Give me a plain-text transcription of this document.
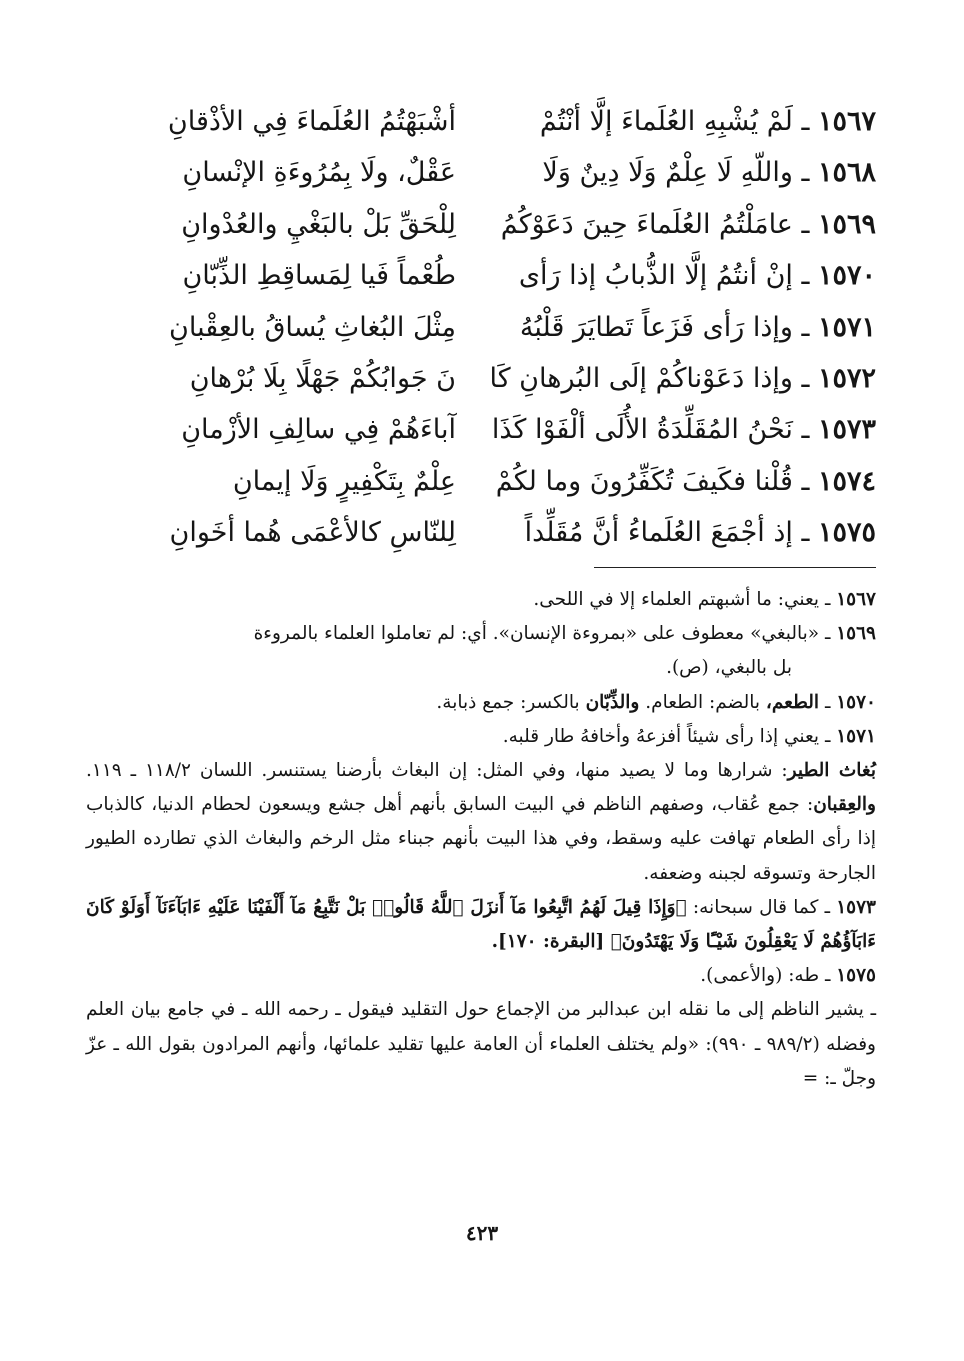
١٥٦٧ ـ لَمْ يُشْبِهِ العُلَماءَ إلَّا أنْتُمْ
أشْبَهْتُمُ العُلَماءَ فِي الأذْقانِ
١٥٦٨ ـ واللّهِ لَا عِلْمٌ وَلَا دِينٌ وَلَا
عَقْلٌ، ولَا بِمُرُوءَةِ الإنْسانِ
١٥٦٩ ـ عامَلْتُمُ العُلَماءَ حِينَ دَعَوْكُمُ
لِلْحَقِّ بَلْ بالبَغْيِ والعُدْوانِ
١٥٧٠ ـ إنْ أنتُمُ إلَّا الذُّبابُ إذا رَأى
طُعْماً فَيا لِمَساقِطِ الذِّبّانِ
١٥٧١ ـ وإذا رَأى فَزَعاً تَطايَرَ قَلْبُهُ
مِثْلَ البُغاثِ يُساقُ بالعِقْبانِ
١٥٧٢ ـ وإذا دَعَوْناكُمْ إلَى البُرهانِ كَا
نَ جَوابُكُمْ جَهْلًا بِلَا بُرْهانِ
١٥٧٣ ـ نَحْنُ المُقَلِّدَةُ الأُلَى ألْفَوْا كَذَا
آباءَهُمْ فِي سالِفِ الأزْمانِ
١٥٧٤ ـ قُلْنا فكَيفَ تُكَفِّرُونَ وما لكُمْ
عِلْمٌ بِتَكْفِيرٍ وَلَا إيمانِ
١٥٧٥ ـ إذ أجْمَعَ العُلَماءُ أنَّ مُقَلِّداً
لِلنّاسِ كالأعْمَى هُما أخَوانِ
١٥٦٧ ـ يعني: ما أشبهتم العلماء إلا في اللحى.
١٥٦٩ ـ «بالبغي» معطوف على «بمروءة الإنسان». أي: لم تعاملوا العلماء بالمروءة
بل بالبغي، (ص).
١٥٧٠ ـ الطعم، بالضم: الطعام. والذِّبّان بالكسر: جمع ذبابة.
١٥٧١ ـ يعني إذا رأى شيئاً أفزعهُ وأخافهُ طار قلبه.
بُغاث الطير: شرارها وما لا يصيد منها، وفي المثل: إن البغاث بأرضنا يستنسر. اللسان ١١٨/٢ ـ ١١٩. والعِقبان: جمع عُقاب، وصفهم الناظم في البيت السابق بأنهم أهل جشع ويسعون لحطام الدنيا، كالذباب إذا رأى الطعام تهافت عليه وسقط، وفي هذا البيت بأنهم جبناء مثل الرخم والبغاث الذي تطارده الطيور الجارحة وتسوقه لجبنه وضعفه.
١٥٧٣ ـ كما قال سبحانه: ﴿وَإِذَا قِيلَ لَهُمُ اتَّبِعُوا مَآ أَنزَلَ ٱللَّهُ قَالُوا۟ بَلْ نَتَّبِعُ مَآ أَلْفَيْنَا عَلَيْهِ ءَابَآءَنَآ أَوَلَوْ كَانَ ءَابَآؤُهُمْ لَا يَعْقِلُونَ شَيْـًٔا وَلَا يَهْتَدُونَ﴾ [البقرة: ١٧٠].
١٥٧٥ ـ طه: (والأعمى).
ـ يشير الناظم إلى ما نقله ابن عبدالبر من الإجماع حول التقليد فيقول ـ رحمه الله ـ في جامع بيان العلم وفضله (٩٨٩/٢ ـ ٩٩٠): «ولم يختلف العلماء أن العامة عليها تقليد علمائها، وأنهم المرادون بقول الله ـ عزّ وجلّ ـ: =
٤٢٣
